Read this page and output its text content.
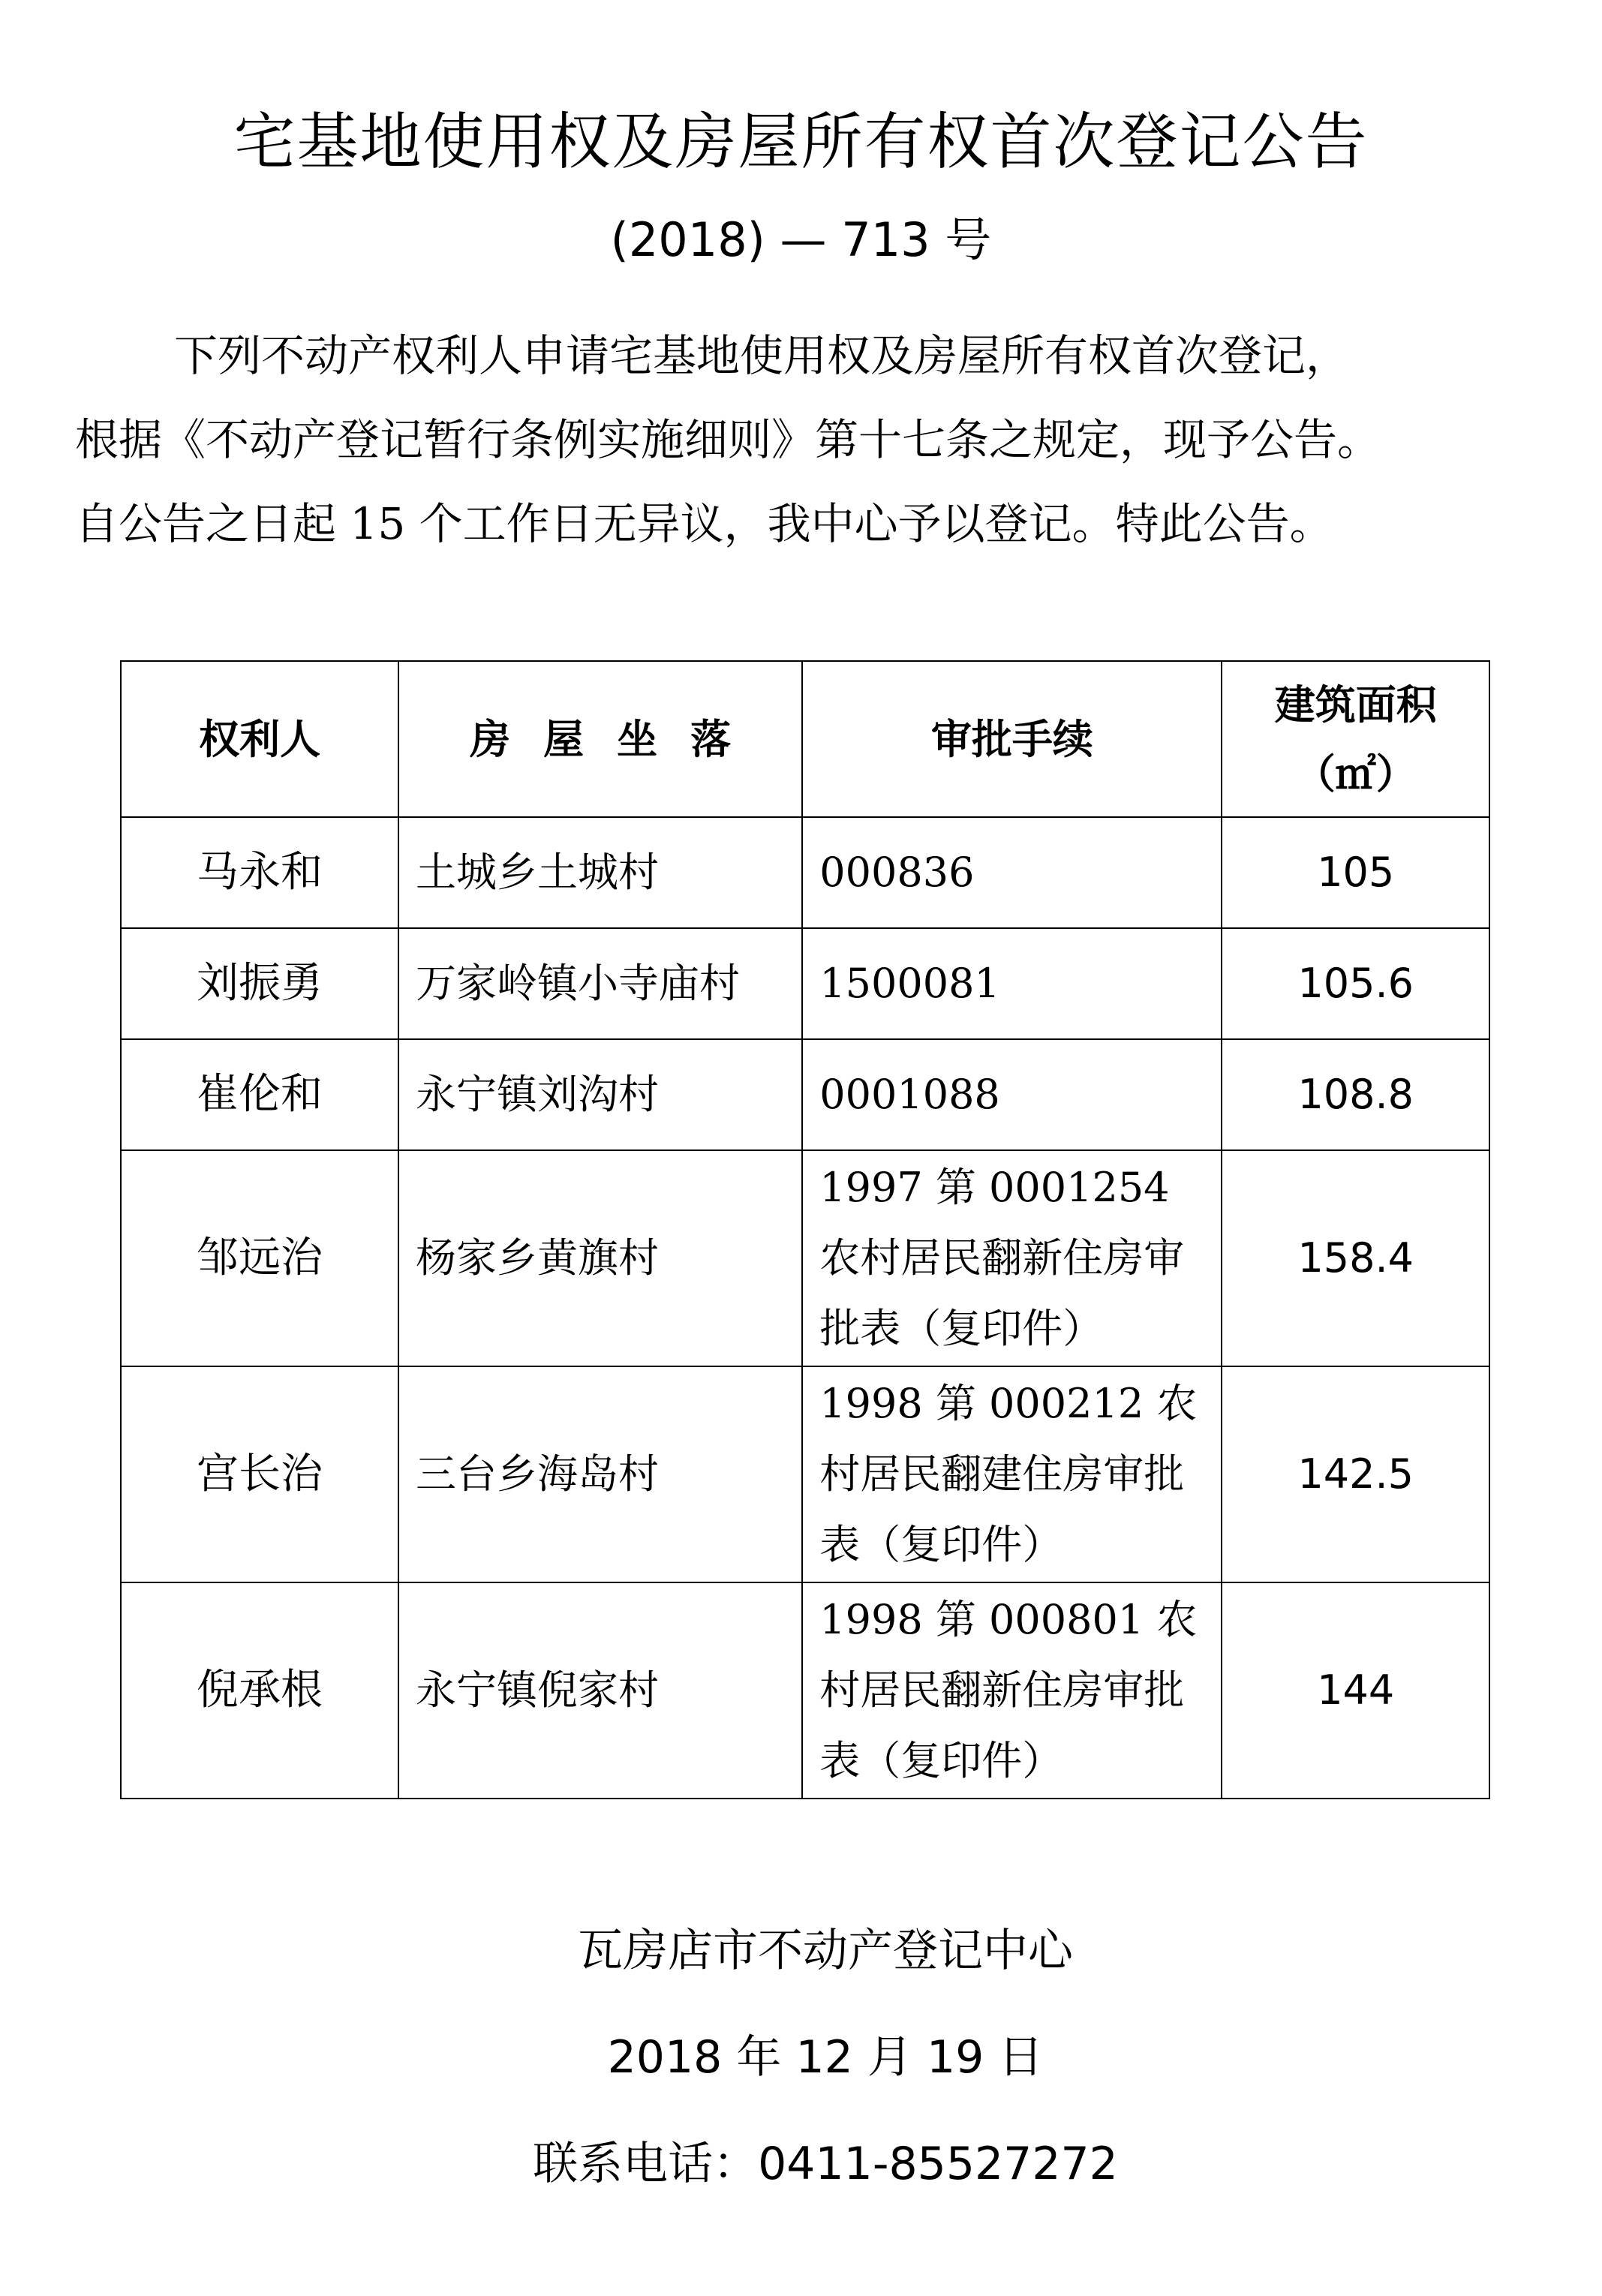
宅基地使用权及房屋所有权首次登记公告
(2018) — 713 号

下列不动产权利人申请宅基地使用权及房屋所有权首次登记，

根据《不动产登记暂行条例实施细则》第十七条之规定，现予公告。

自公告之日起 15 个工作日无异议，我中心予以登记。特此公告。

权利人	房 屋 坐 落	审批手续	建筑面积
（㎡）

马永和	土城乡土城村	000836	105
刘振勇	万家岭镇小寺庙村	1500081	105.6
崔伦和	永宁镇刘沟村	0001088	108.8
邹远治	杨家乡黄旗村	1997 第 0001254 农村居民翻新住房审批表（复印件）	158.4
宫长治	三台乡海岛村	1998 第 000212 农村居民翻建住房审批表（复印件）	142.5
倪承根	永宁镇倪家村	1998 第 000801 农村居民翻新住房审批表（复印件）	144
瓦房店市不动产登记中心
2018 年 12 月 19 日
联系电话：0411-85527272
